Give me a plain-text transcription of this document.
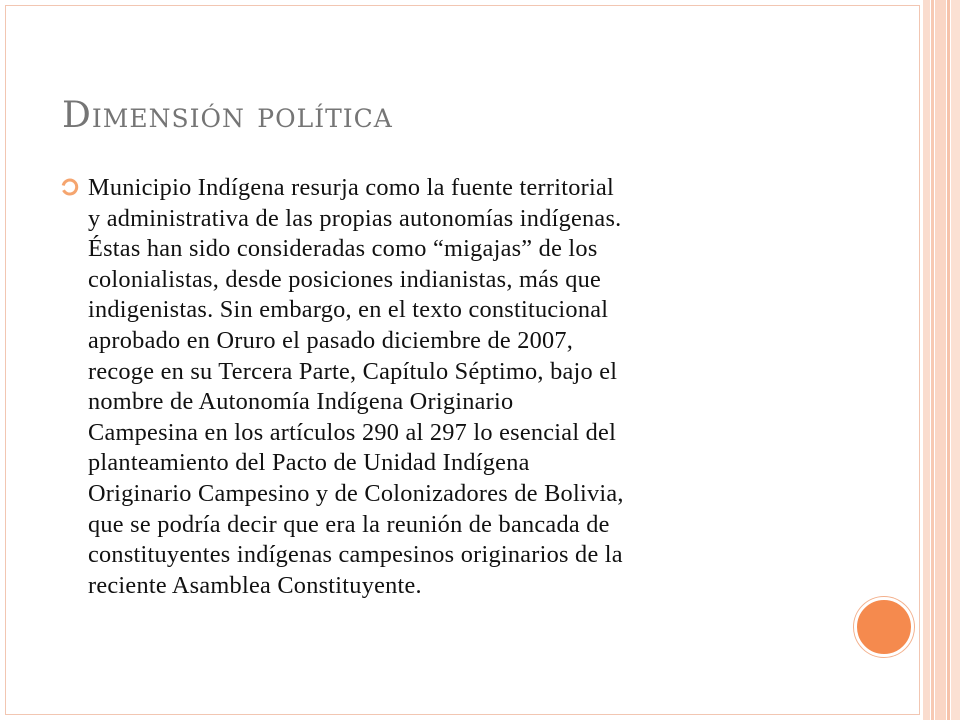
Dimensión política

Municipio Indígena resurja como la fuente territorial
y administrativa de las propias autonomías indígenas.
Éstas han sido consideradas como “migajas” de los
colonialistas, desde posiciones indianistas, más que
indigenistas. Sin embargo, en el texto constitucional
aprobado en Oruro el pasado diciembre de 2007,
recoge en su Tercera Parte, Capítulo Séptimo, bajo el
nombre de Autonomía Indígena Originario
Campesina en los artículos 290 al 297 lo esencial del
planteamiento del Pacto de Unidad Indígena
Originario Campesino y de Colonizadores de Bolivia,
que se podría decir que era la reunión de bancada de
constituyentes indígenas campesinos originarios de la
reciente Asamblea Constituyente.
